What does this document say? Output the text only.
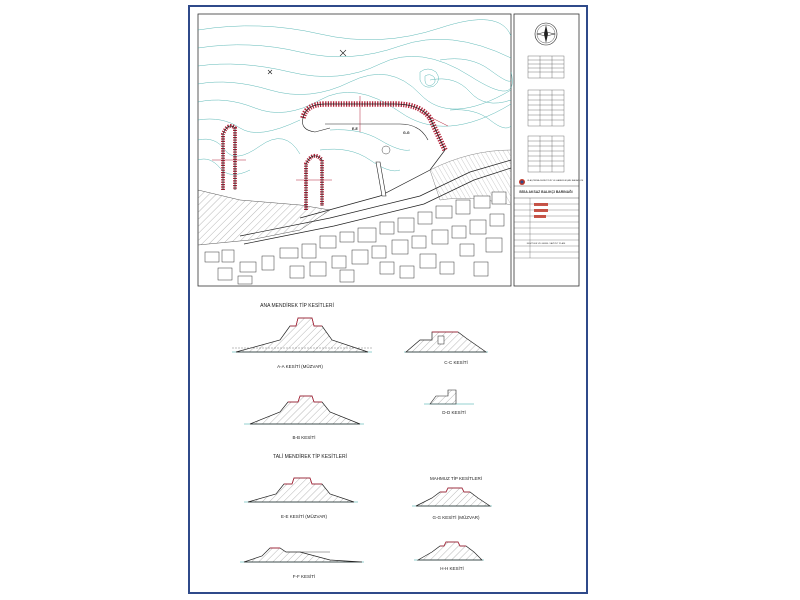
E-E
G-G
ULAŞTIRMA DENİZCİLİK VE HABERLEŞME BAKANLIĞI
BİGA AKSAZ BALIKÇI BARINAĞI
KESİTLER VE GENEL VAZİYET PLANI
ANA MENDİREK TİP KESİTLERİ
A-A KESİTİ (MÜZVAR)
C-C KESİTİ
D-D KESİTİ
B-B KESİTİ
TALİ MENDİREK TİP KESİTLERİ
E-E KESİTİ (MÜZVAR)
MAHMUZ TİP KESİTLERİ
G-G KESİTİ (MÜZVAR)
F-F KESİTİ
H-H KESİTİ
